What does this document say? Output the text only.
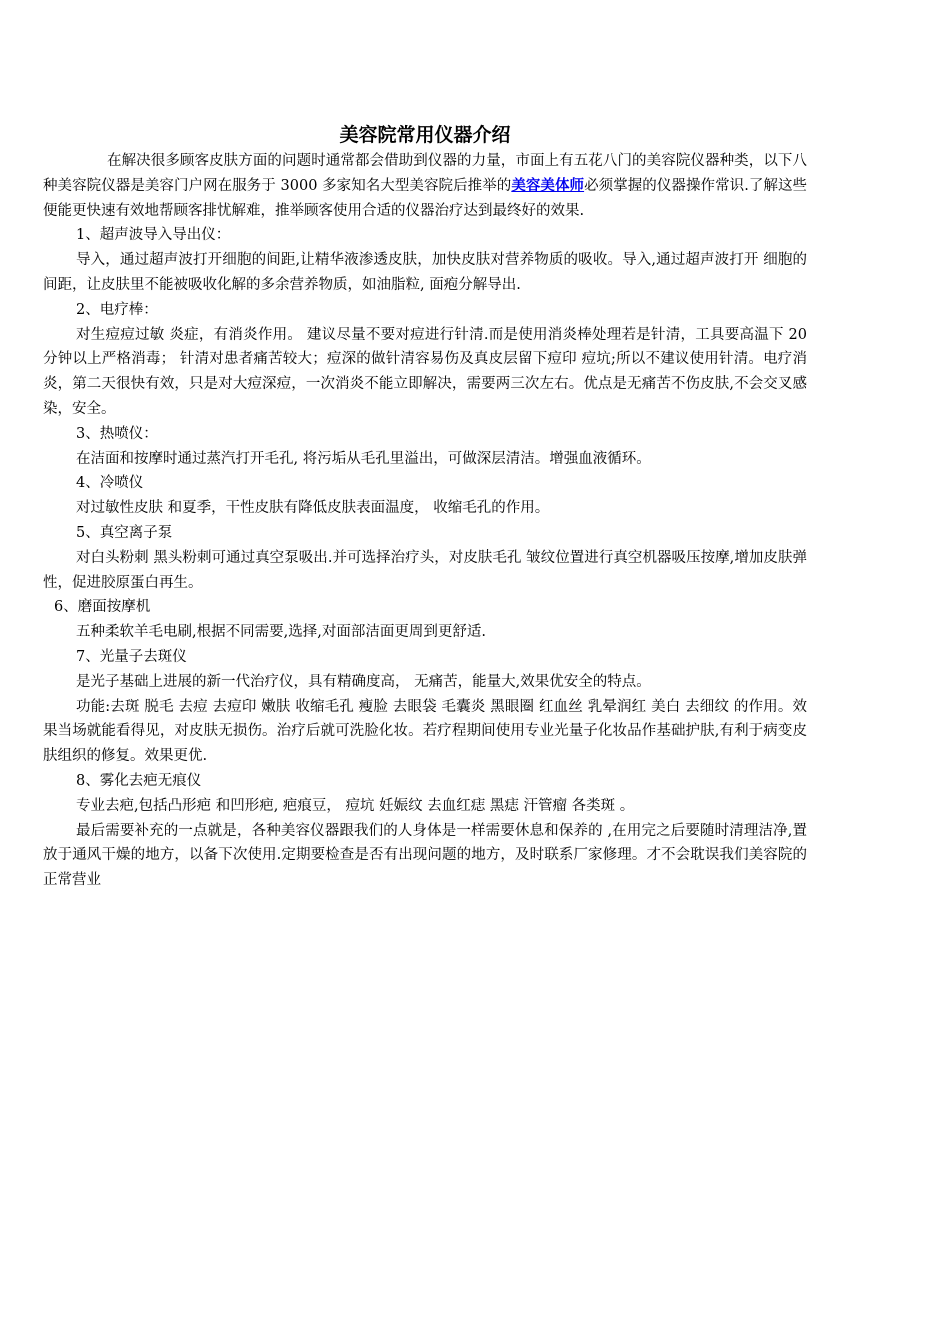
美容院常用仪器介绍

在解决很多顾客皮肤方面的问题时通常都会借助到仪器的力量，市面上有五花八门的美容院仪器种类，以下八种美容院仪器是美容门户网在服务于 3000 多家知名大型美容院后推举的美容美体师必须掌握的仪器操作常识.了解这些便能更快速有效地帮顾客排忧解难，推举顾客使用合适的仪器治疗达到最终好的效果.

1、超声波导入导出仪：

导入，通过超声波打开细胞的间距,让精华液渗透皮肤，加快皮肤对营养物质的吸收。导入,通过超声波打开 细胞的间距，让皮肤里不能被吸收化解的多余营养物质，如油脂粒, 面疱分解导出.

2、电疗棒：

对生痘痘过敏 炎症，有消炎作用。 建议尽量不要对痘进行针清.而是使用消炎棒处理若是针清，工具要高温下 20 分钟以上严格消毒； 针清对患者痛苦较大；痘深的做针清容易伤及真皮层留下痘印 痘坑;所以不建议使用针清。电疗消炎，第二天很快有效，只是对大痘深痘，一次消炎不能立即解决，需要两三次左右。优点是无痛苦不伤皮肤,不会交叉感染，安全。

3、热喷仪：

在洁面和按摩时通过蒸汽打开毛孔, 将污垢从毛孔里溢出，可做深层清洁。增强血液循环。

4、冷喷仪

对过敏性皮肤 和夏季，干性皮肤有降低皮肤表面温度， 收缩毛孔的作用。

5、真空离子泵

对白头粉刺 黑头粉刺可通过真空泵吸出.并可选择治疗头，对皮肤毛孔 皱纹位置进行真空机器吸压按摩,增加皮肤弹性，促进胶原蛋白再生。

6、磨面按摩机

五种柔软羊毛电刷,根据不同需要,选择,对面部洁面更周到更舒适.

7、光量子去斑仪

是光子基础上进展的新一代治疗仪，具有精确度高， 无痛苦，能量大,效果优安全的特点。

功能:去斑 脱毛 去痘 去痘印 嫩肤 收缩毛孔 瘦脸 去眼袋 毛囊炎 黑眼圈 红血丝 乳晕润红 美白 去细纹 的作用。效果当场就能看得见，对皮肤无损伤。治疗后就可洗脸化妆。若疗程期间使用专业光量子化妆品作基础护肤,有利于病变皮肤组织的修复。效果更优.

8、雾化去疤无痕仪

专业去疤,包括凸形疤 和凹形疤, 疤痕豆， 痘坑 妊娠纹 去血红痣 黑痣 汗管瘤 各类斑 。

最后需要补充的一点就是，各种美容仪器跟我们的人身体是一样需要休息和保养的 ,在用完之后要随时清理洁净,置放于通风干燥的地方，以备下次使用.定期要检查是否有出现问题的地方，及时联系厂家修理。才不会耽误我们美容院的正常营业
